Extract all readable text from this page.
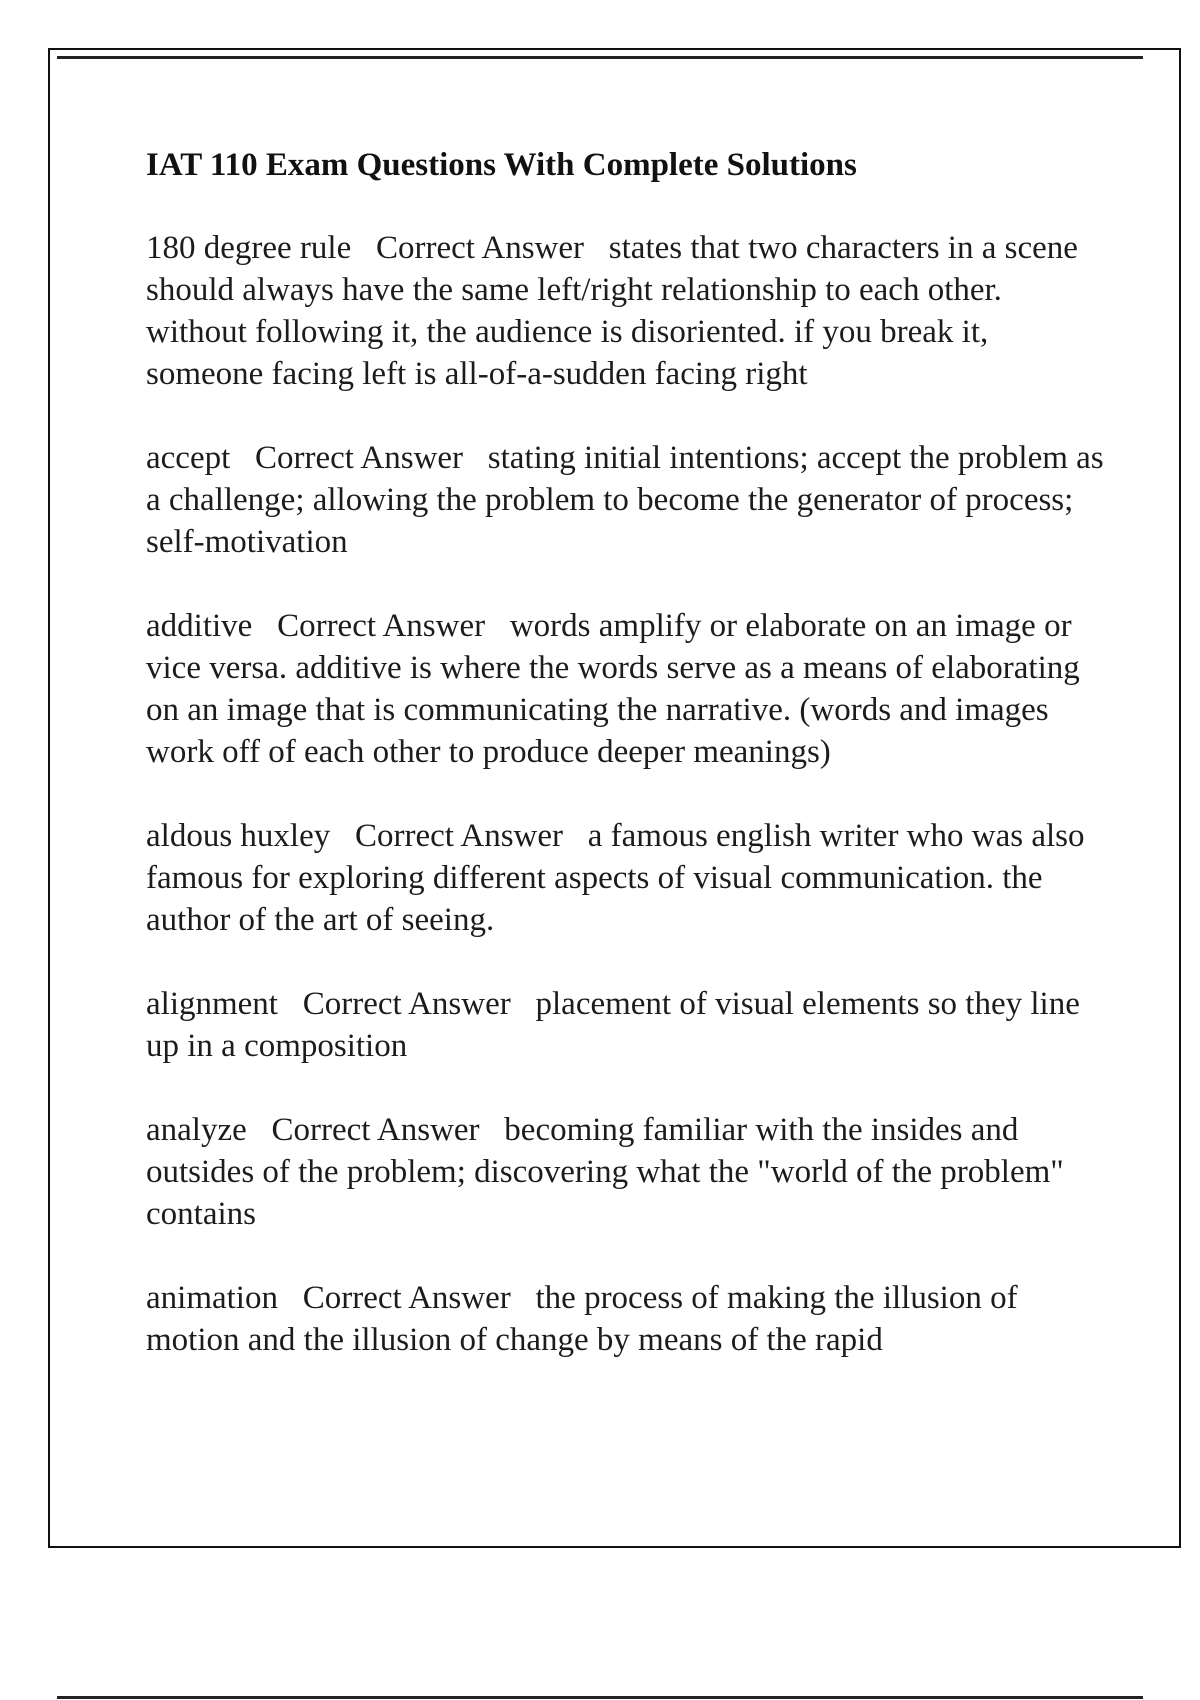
IAT 110 Exam Questions With Complete Solutions

180 degree rule   Correct Answer   states that two characters in a scene should always have the same left/right relationship to each other. without following it, the audience is disoriented. if you break it, someone facing left is all-of-a-sudden facing right

accept   Correct Answer   stating initial intentions; accept the problem as a challenge; allowing the problem to become the generator of process; self-motivation

additive   Correct Answer   words amplify or elaborate on an image or vice versa. additive is where the words serve as a means of elaborating on an image that is communicating the narrative. (words and images work off of each other to produce deeper meanings)

aldous huxley   Correct Answer   a famous english writer who was also famous for exploring different aspects of visual communication. the author of the art of seeing.

alignment   Correct Answer   placement of visual elements so they line up in a composition

analyze   Correct Answer   becoming familiar with the insides and outsides of the problem; discovering what the "world of the problem" contains

animation   Correct Answer   the process of making the illusion of motion and the illusion of change by means of the rapid
